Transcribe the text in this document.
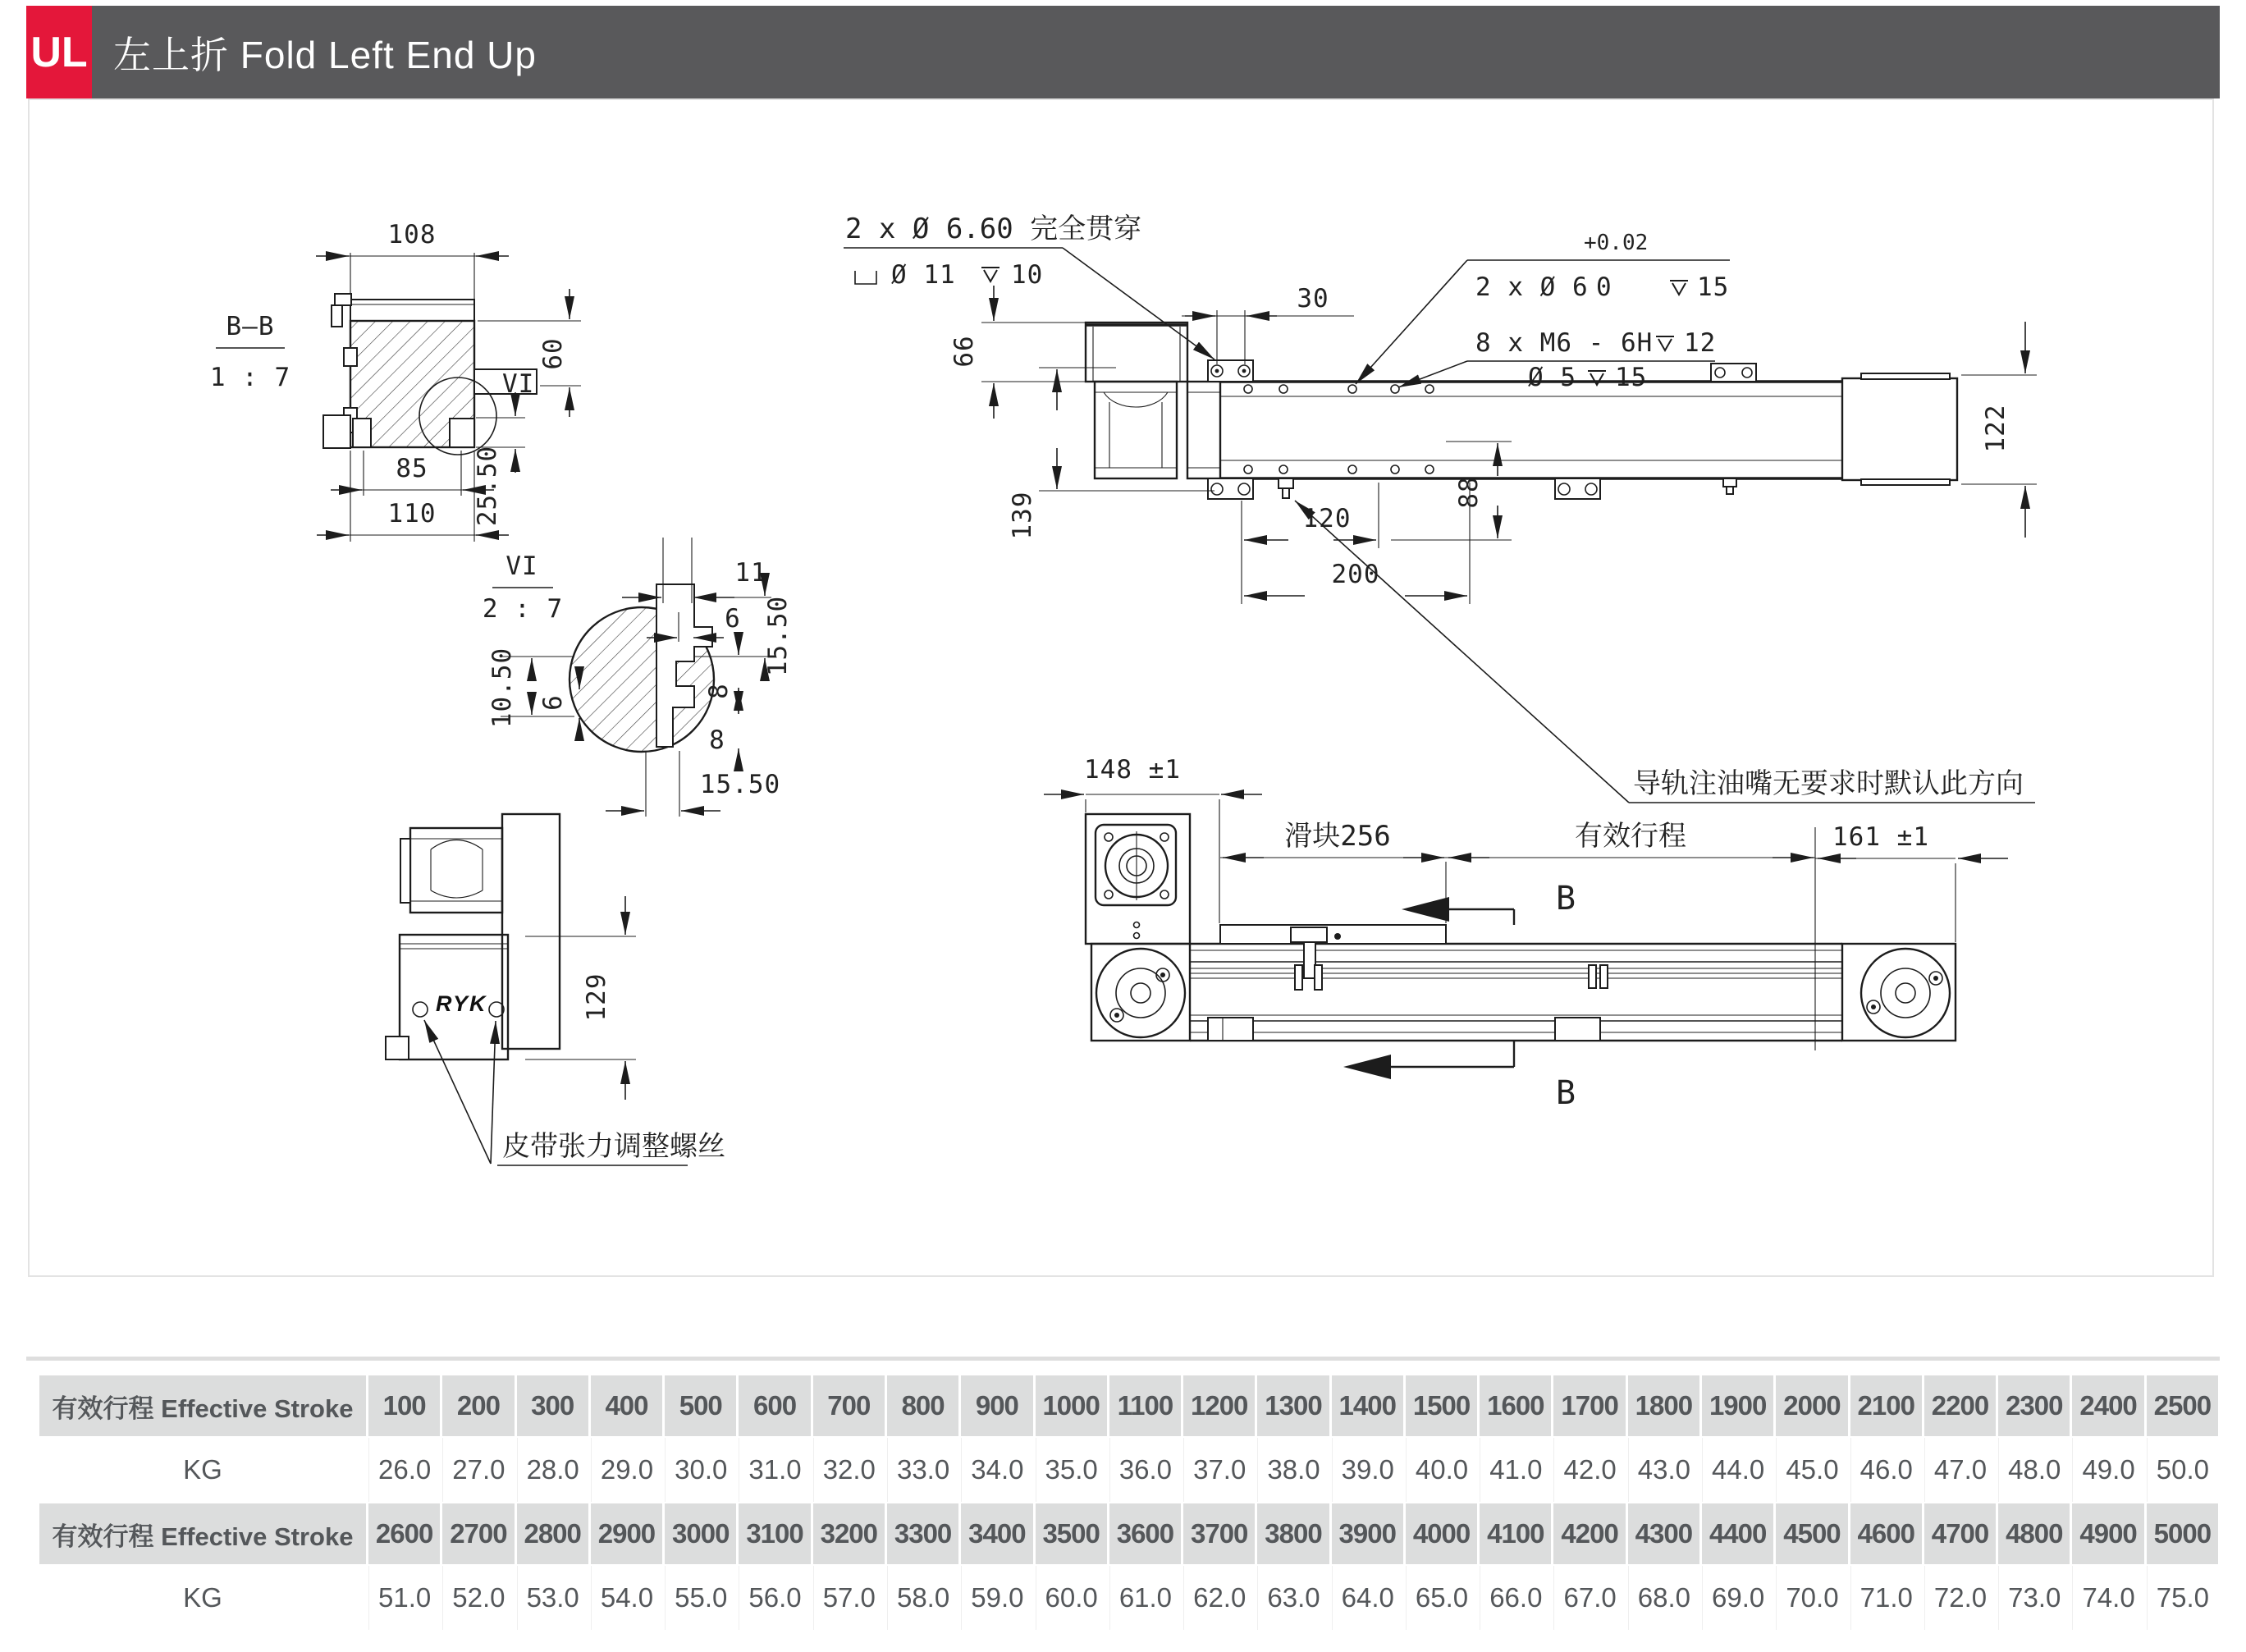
UL 左上折 Fold Left End Up
B—B
1 : 7
108
VI
60
25.50
85
110
VI
2 : 7
11
6 15.50
8
10.50 6
8
15.50
2 x Ø 6.60 完全贯穿
Ø 11 10
+0.02
2 x Ø 6 0	15
8 x M6 - 6H 12
Ø 5 15
66
30
139	120
200
88
122
导轨注油嘴无要求时默认此方向
RYK	129
皮带张力调整螺丝
148 ±1
滑块256	有效行程	161 ±1
B
B
有效行程 Effective Stroke	100	200	300	400	500	600	700	800	900 1000 1100 1200 1300 1400 1500 1600 1700 1800 1900 2000 2100 2200 2300 2400 2500
KG	26.0 27.0 28.0 29.0 30.0 31.0 32.0 33.0 34.0 35.0 36.0 37.0 38.0 39.0 40.0 41.0 42.0 43.0 44.0 45.0 46.0 47.0 48.0 49.0 50.0
有效行程 Effective Stroke 2600 2700 2800 2900 3000 3100 3200 3300 3400 3500 3600 3700 3800 3900 4000 4100 4200 4300 4400 4500 4600 4700 4800 4900 5000
KG	51.0 52.0 53.0 54.0 55.0 56.0 57.0 58.0 59.0 60.0 61.0 62.0 63.0 64.0 65.0 66.0 67.0 68.0 69.0 70.0 71.0 72.0 73.0 74.0 75.0
